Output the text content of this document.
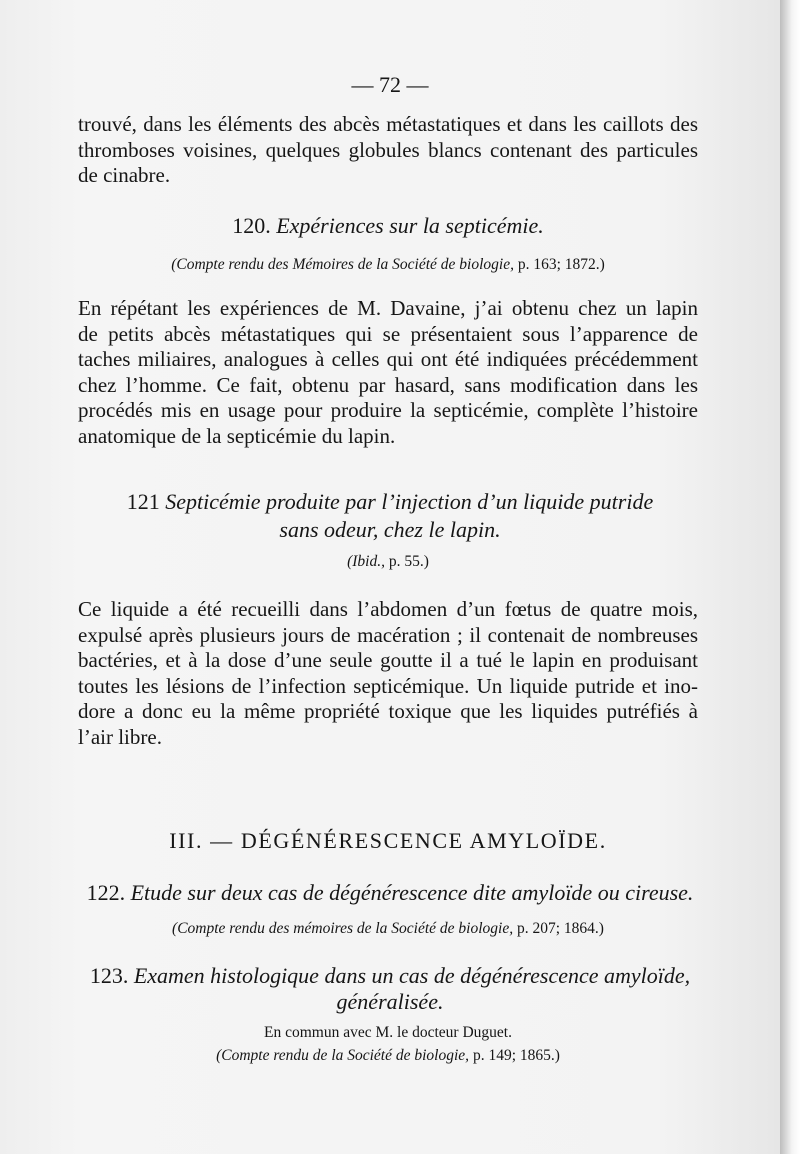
— 72 —
trouvé, dans les éléments des abcès métastatiques et dans les caillots des
thromboses voisines, quelques globules blancs contenant des particules
de cinabre.
120. Expériences sur la septicémie.
(Compte rendu des Mémoires de la Société de biologie, p. 163; 1872.)
En répétant les expériences de M. Davaine, j’ai obtenu chez un lapin
de petits abcès métastatiques qui se présentaient sous l’apparence de
taches miliaires, analogues à celles qui ont été indiquées précédemment
chez l’homme. Ce fait, obtenu par hasard, sans modification dans les
procédés mis en usage pour produire la septicémie, complète l’histoire
anatomique de la septicémie du lapin.
121 Septicémie produite par l’injection d’un liquide putride
sans odeur, chez le lapin.
(Ibid., p. 55.)
Ce liquide a été recueilli dans l’abdomen d’un fœtus de quatre mois,
expulsé après plusieurs jours de macération ; il contenait de nombreuses
bactéries, et à la dose d’une seule goutte il a tué le lapin en produisant
toutes les lésions de l’infection septicémique. Un liquide putride et ino-
dore a donc eu la même propriété toxique que les liquides putréfiés à
l’air libre.
III. — DÉGÉNÉRESCENCE AMYLOÏDE.
122. Etude sur deux cas de dégénérescence dite amyloïde ou cireuse.
(Compte rendu des mémoires de la Société de biologie, p. 207; 1864.)
123. Examen histologique dans un cas de dégénérescence amyloïde,
généralisée.
En commun avec M. le docteur Duguet.
(Compte rendu de la Société de biologie, p. 149; 1865.)
